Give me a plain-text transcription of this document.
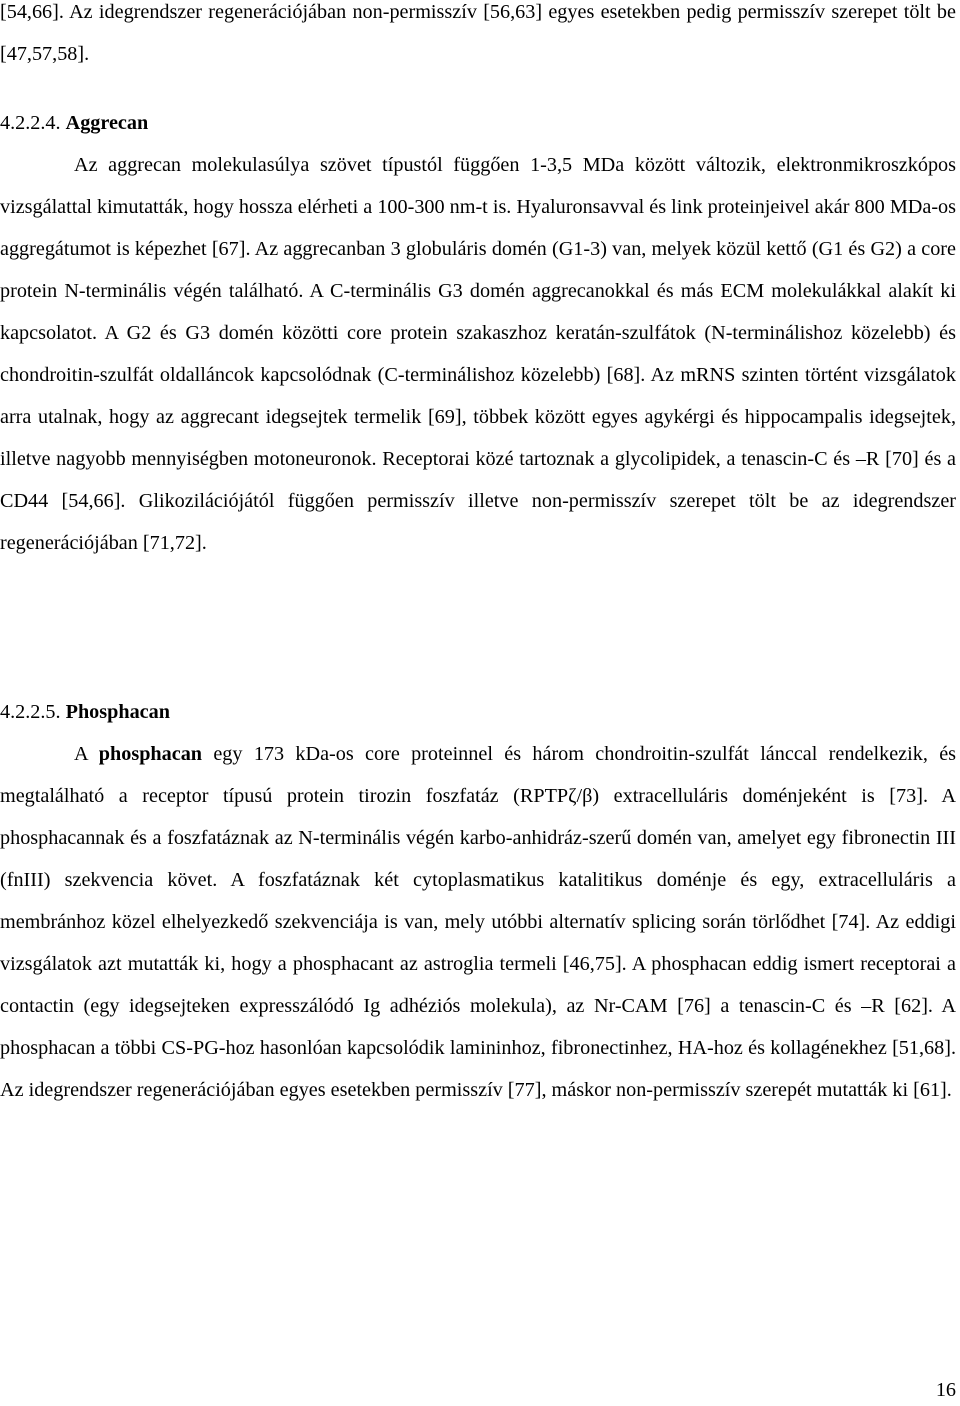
[54,66]. Az idegrendszer regenerációjában non-permisszív [56,63] egyes esetekben pedig permisszív szerepet tölt be [47,57,58].

4.2.2.4. Aggrecan

Az aggrecan molekulasúlya szövet típustól függően 1-3,5 MDa között változik, elektronmikroszkópos vizsgálattal kimutatták, hogy hossza elérheti a 100-300 nm-t is. Hyaluronsavval és link proteinjeivel akár 800 MDa-os aggregátumot is képezhet [67]. Az aggrecanban 3 globuláris domén (G1-3) van, melyek közül kettő (G1 és G2) a core protein N-terminális végén található. A C-terminális G3 domén aggrecanokkal és más ECM molekulákkal alakít ki kapcsolatot. A G2 és G3 domén közötti core protein szakaszhoz keratán-szulfátok (N-terminálishoz közelebb) és chondroitin-szulfát oldalláncok kapcsolódnak (C-terminálishoz közelebb) [68]. Az mRNS szinten történt vizsgálatok arra utalnak, hogy az aggrecant idegsejtek termelik [69], többek között egyes agykérgi és hippocampalis idegsejtek, illetve nagyobb mennyiségben motoneuronok. Receptorai közé tartoznak a glycolipidek, a tenascin-C és –R [70] és a CD44 [54,66]. Glikozilációjától függően permisszív illetve non-permisszív szerepet tölt be az idegrendszer regenerációjában [71,72].

4.2.2.5. Phosphacan

A phosphacan egy 173 kDa-os core proteinnel és három chondroitin-szulfát lánccal rendelkezik, és megtalálható a receptor típusú protein tirozin foszfatáz (RPTPζ/β) extracelluláris doménjeként is [73]. A phosphacannak és a foszfatáznak az N-terminális végén karbo-anhidráz-szerű domén van, amelyet egy fibronectin III (fnIII) szekvencia követ. A foszfatáznak két cytoplasmatikus katalitikus doménje és egy, extracelluláris a membránhoz közel elhelyezkedő szekvenciája is van, mely utóbbi alternatív splicing során törlődhet [74]. Az eddigi vizsgálatok azt mutatták ki, hogy a phosphacant az astroglia termeli [46,75]. A phosphacan eddig ismert receptorai a contactin (egy idegsejteken expresszálódó Ig adhéziós molekula), az Nr-CAM [76] a tenascin-C és –R [62]. A phosphacan a többi CS-PG-hoz hasonlóan kapcsolódik lamininhoz, fibronectinhez, HA-hoz és kollagénekhez [51,68]. Az idegrendszer regenerációjában egyes esetekben permisszív [77], máskor non-permisszív szerepét mutatták ki [61].

16
